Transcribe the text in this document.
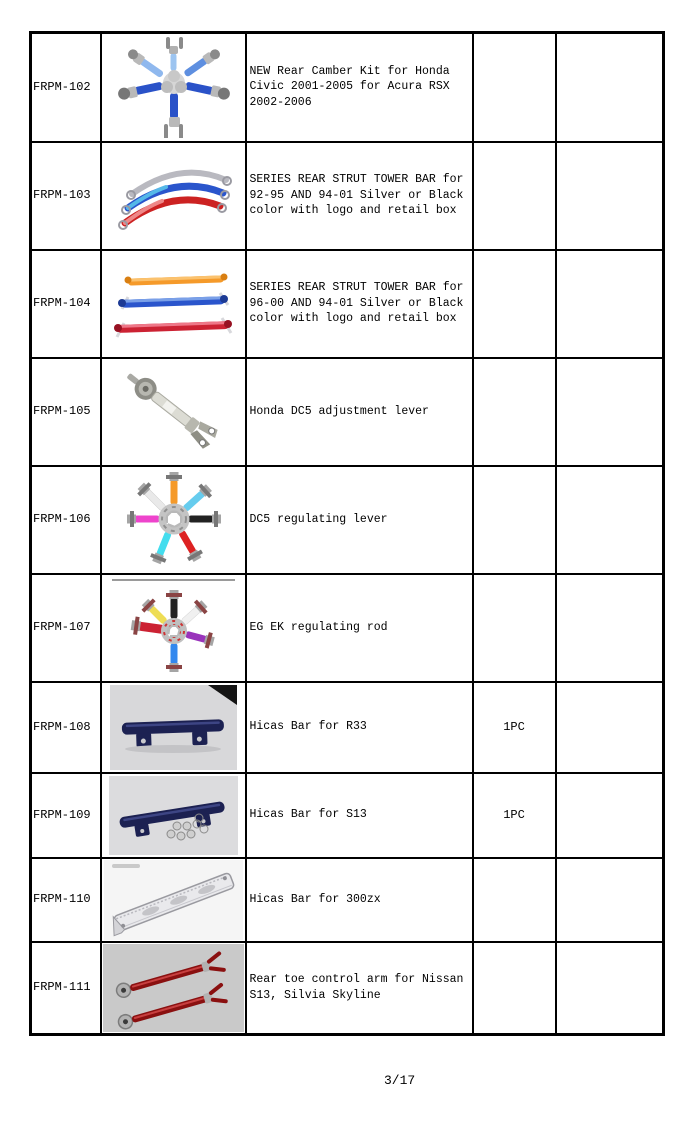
FRPM-102		NEW Rear Camber Kit for Honda Civic 2001-2005 for Acura RSX 2002-2006		
FRPM-103		SERIES REAR STRUT TOWER BAR for 92-95 AND 94-01 Silver or Black color with logo and retail box		
FRPM-104		SERIES REAR STRUT TOWER BAR for 96-00 AND 94-01 Silver or Black color with logo and retail box		
FRPM-105		Honda DC5 adjustment lever		
FRPM-106		DC5 regulating lever		
FRPM-107		EG EK regulating rod		
FRPM-108		Hicas Bar for R33	1PC	
FRPM-109		Hicas Bar for S13	1PC	
FRPM-110		Hicas Bar for 300zx		
FRPM-111		Rear toe control arm for Nissan S13, Silvia Skyline		
3/17
